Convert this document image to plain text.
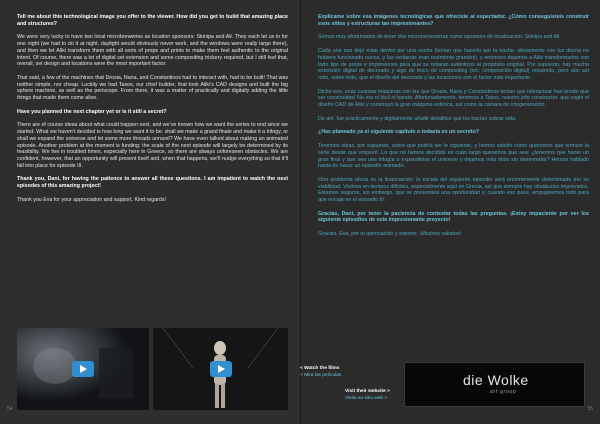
Tell me about this technological image you offer to the viewer. How did you get to build that amazing place and structures?

We were very lucky to have two local microbreweries as location sponsors: Skinipa and Ali. They each let us in for one night (we had to do it at night, daylight would obviously never work, and the windows were really large there), and then we let Aliki transform them with all sorts of props and prints to make them feel authentic to the original intent. Of course, there was a lot of digital set extension and some compositing trickery required, but I still feel that, overall, set design and locations were the most important factor.

That said, a few of the machines that Drosia, Nana, and Constantinos had to interact with, had to be built! That was neither simple, nor cheap. Luckily we had Tasos, our chief builder, that took Aliki’s CAD designs and built the big sphere machine, as well as the periscope. From there, it was a matter of practically and digitally adding the little things that made them come alive.

Have you planned the next chapter yet or is it still a secret?

There are of course ideas about what could happen next, and we’ve known how we want the series to end since we started. What we haven’t decided is how long we want it to be: shall we make a grand finale and make it a trilogy, or shall we expand the universe and let some more threads unravel? We have even talked about making an animated episode. Another problem at the moment is funding: the scale of the next episode will largely be determined by its feasibility. We live in troubled times, especially here in Greece, so there are always unforeseen obstacles. We are confident, however, that an opportunity will present itself and, when that happens, we’ll nudge everything so that it’ll fall into place for episode III.

Thank you, Dani, for having the patience to answer all these questions. I am impatient to watch the next episodes of this amazing project!

Thank you Eva for your appreciation and support. Kind regards!

54

Explícame sobre esa imágenes tecnológicas que ofreciste al espectador. ¿Cómo conseguisteis construir esos sitios y estructuras tan impresionantes?

Somos muy afortunados de tener dos microcervecerías como sponsors de localización: Skinipa and Ali.

Cada uno nos dejó estar dentro por una noche (tenían que hacerlo por la noche, obviamente con luz diurna no hubiera funcionado nunca, y las ventanas eran realmente grandes), y entonces dejamos a Aliki transformarlos con todo tipo de props e impresiones para que se notaran auténticos al propósito original. Por supuesto, hay mucha extensión digital de decorado y algo de truco de compositing (n/c: composición digital) requerido, pero aún así noto, sobre todo, que el diseño del decorado y las locaciones son el factor más importante.

Dicho eso, unas cuantas máquinas con las que Drosia, Nana y Constantinos tenían que interactuar han tenido que ser construidas! No era ni fácil ni barato. Afortunadamente, tenemos a Tasos, nuestro jefe constructor, que cogió el diseño CAD de Aliki y construyó la gran máquina esférica, así como la cámara de criogenización.

De ahí, fue prácticamente y digitalmente añadir detallitos que los hacían cobrar vida.

¿Has planeado ya el siguiente capítulo o todavía es un secreto?

Tenemos ideas, por supuesto, sobre qué podría ser lo siguiente, y hemos sabido cómo queremos que termine la serie desde que empezó. Lo que no hemos decidido es cuán largo queremos que sea: ¿tenemos que hacer un gran final y que sea una trilogía o expandimos el universo y dejamos más hilos sin desenredar? Hemos hablado hasta de hacer un episodio animado.

Otro problema ahora es la financiación: la escala del siguiente episodio será enormemente determinado por su viabilidad. Vivimos en tiempos difíciles, especialmente aquí en Grecia, así que siempre hay obstáculos imprevistos. Estamos seguros, sin embargo, que se presentará una oportunidad y, cuando eso pase, empujaremos todo para que encaje en el episodio III.

Gracias, Dani, por tener la paciencia de contestar todas las preguntas. ¡Estoy impaciente por ver los siguiente episodios de este impresionante proyecto!

Gracias, Eva, por tu apreciación y soporte. ¡Muchos saludos!

55
< Watch the films
< Mira las películas
Visit their website >
Visita su sitio web >
die Wolke
art group
